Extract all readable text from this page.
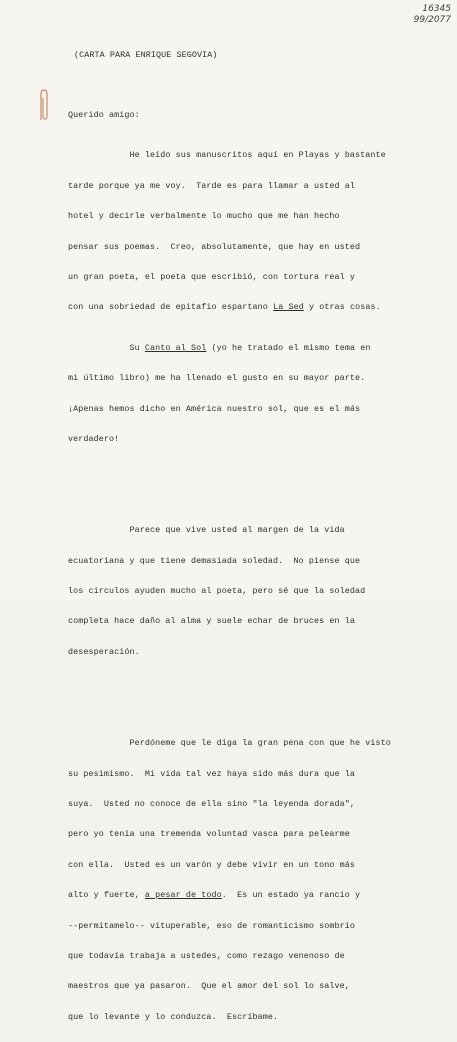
16345
99/2077
(CARTA PARA ENRIQUE SEGOVIA)

Querido amigo:

He leído sus manuscritos aquí en Playas y bastante

tarde porque ya me voy.  Tarde es para llamar a usted al

hotel y decirle verbalmente lo mucho que me han hecho

pensar sus poemas.  Creo, absolutamente, que hay en usted

un gran poeta, el poeta que escribió, con tortura real y

con una sobriedad de epitafio espartano La Sed y otras cosas.

Su Canto al Sol (yo he tratado el mismo tema en

mi último libro) me ha llenado el gusto en su mayor parte.

¡Apenas hemos dicho en América nuestro sol, que es el más

verdadero!

Parece que vive usted al margen de la vida

ecuatoriana y que tiene demasiada soledad.  No piense que

los círculos ayuden mucho al poeta, pero sé que la soledad

completa hace daño al alma y suele echar de bruces en la

desesperación.

Perdóneme que le diga la gran pena con que he visto

su pesimismo.  Mi vida tal vez haya sido más dura que la

suya.  Usted no conoce de ella sino "la leyenda dorada",

pero yo tenía una tremenda voluntad vasca para pelearme

con ella.  Usted es un varón y debe vivir en un tono más

alto y fuerte, a pesar de todo.  Es un estado ya rancio y

--permítamelo-- vituperable, eso de romanticismo sombrío

que todavía trabaja a ustedes, como rezago venenoso de

maestros que ya pasaron.  Que el amor del sol lo salve,

que lo levante y lo conduzca.  Escríbame.
